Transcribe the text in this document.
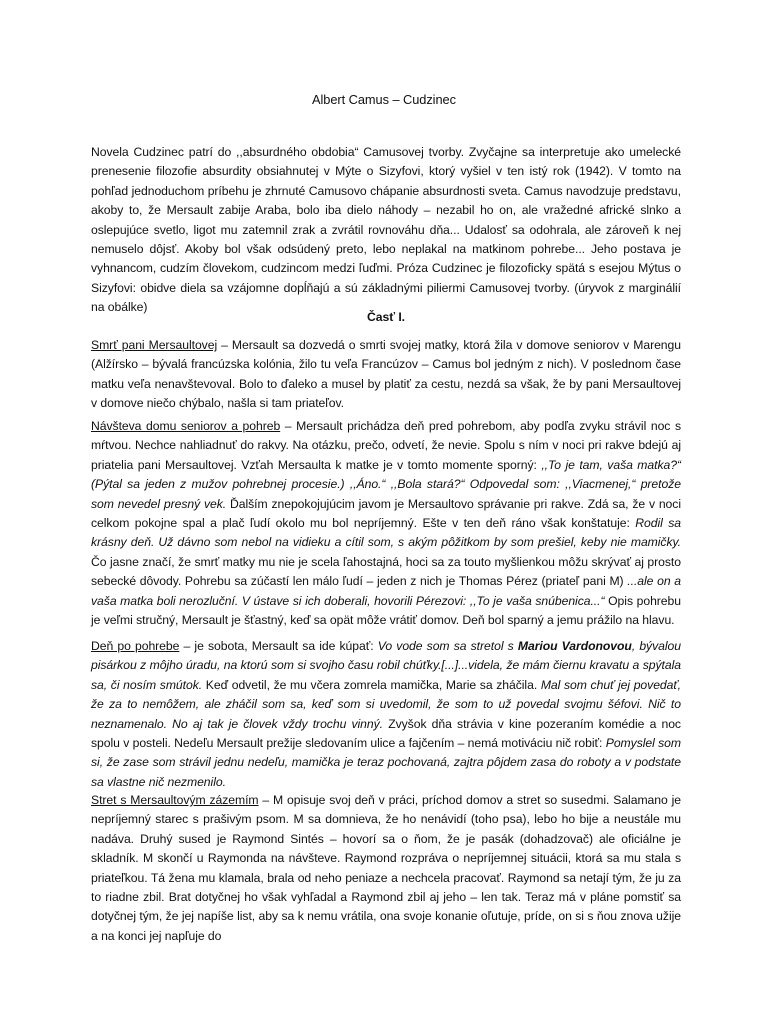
Albert Camus – Cudzinec

Novela Cudzinec patrí do ,,absurdného obdobia“ Camusovej tvorby. Zvyčajne sa interpretuje ako umelecké prenesenie filozofie absurdity obsiahnutej v Mýte o Sizyfovi, ktorý vyšiel v ten istý rok (1942). V tomto na pohľad jednoduchom príbehu je zhrnuté Camusovo chápanie absurdnosti sveta. Camus navodzuje predstavu, akoby to, že Mersault zabije Araba, bolo iba dielo náhody – nezabil ho on, ale vražedné africké slnko a oslepujúce svetlo, ligot mu zatemnil zrak a zvrátil rovnováhu dňa... Udalosť sa odohrala, ale zároveň k nej nemuselo dôjsť. Akoby bol však odsúdený preto, lebo neplakal na matkinom pohrebe... Jeho postava je vyhnancom, cudzím človekom, cudzincom medzi ľuďmi. Próza Cudzinec je filozoficky spätá s esejou Mýtus o Sizyfovi: obidve diela sa vzájomne dopĺňajú a sú základnými piliermi Camusovej tvorby. (úryvok z marginálií na obálke)

Časť I.

Smrť pani Mersaultovej – Mersault sa dozvedá o smrti svojej matky, ktorá žila v domove seniorov v Marengu (Alžírsko – bývalá francúzska kolónia, žilo tu veľa Francúzov – Camus bol jedným z nich). V poslednom čase matku veľa nenavštevoval. Bolo to ďaleko a musel by platiť za cestu, nezdá sa však, že by pani Mersaultovej v domove niečo chýbalo, našla si tam priateľov.

Návšteva domu seniorov a pohreb – Mersault prichádza deň pred pohrebom, aby podľa zvyku strávil noc s mŕtvou. Nechce nahliadnuť do rakvy. Na otázku, prečo, odvetí, že nevie. Spolu s ním v noci pri rakve bdejú aj priatelia pani Mersaultovej. Vzťah Mersaulta k matke je v tomto momente sporný: ,,To je tam, vaša matka?“ (Pýtal sa jeden z mužov pohrebnej procesie.) ,,Áno.“ ,,Bola stará?“ Odpovedal som: ,,Viacmenej,“ pretože som nevedel presný vek. Ďalším znepokojujúcim javom je Mersaultovo správanie pri rakve. Zdá sa, že v noci celkom pokojne spal a plač ľudí okolo mu bol nepríjemný. Ešte v ten deň ráno však konštatuje: Rodil sa krásny deň. Už dávno som nebol na vidieku a cítil som, s akým pôžitkom by som prešiel, keby nie mamičky. Čo jasne značí, že smrť matky mu nie je scela ľahostajná, hoci sa za touto myšlienkou môžu skrývať aj prosto sebecké dôvody. Pohrebu sa zúčastí len málo ľudí – jeden z nich je Thomas Pérez (priateľ pani M) ...ale on a vaša matka boli nerozluční. V ústave si ich doberali, hovorili Pérezovi: ,,To je vaša snúbenica...“ Opis pohrebu je veľmi stručný, Mersault je šťastný, keď sa opät môže vrátiť domov. Deň bol sparný a jemu prážilo na hlavu.

Deň po pohrebe – je sobota, Mersault sa ide kúpať: Vo vode som sa stretol s Mariou Vardonovou, bývalou pisárkou z môjho úradu, na ktorú som si svojho času robil chúťky.[...]...videla, že mám čiernu kravatu a spýtala sa, či nosím smútok. Keď odvetil, že mu včera zomrela mamička, Marie sa zháčila. Mal som chuť jej povedať, že za to nemôžem, ale zháčil som sa, keď som si uvedomil, že som to už povedal svojmu šéfovi. Nič to neznamenalo. No aj tak je človek vždy trochu vinný. Zvyšok dňa strávia v kine pozeraním komédie a noc spolu v posteli. Nedeľu Mersault prežije sledovaním ulice a fajčením – nemá motiváciu nič robiť: Pomyslel som si, že zase som strávil jednu nedeľu, mamička je teraz pochovaná, zajtra pôjdem zasa do roboty a v podstate sa vlastne nič nezmenilo.

Stret s Mersaultovým zázemím – M opisuje svoj deň v práci, príchod domov a stret so susedmi. Salamano je nepríjemný starec s prašivým psom. M sa domnieva, že ho nenávidí (toho psa), lebo ho bije a neustále mu nadáva. Druhý sused je Raymond Sintés – hovorí sa o ňom, že je pasák (dohadzovač) ale oficiálne je skladník. M skončí u Raymonda na návšteve. Raymond rozpráva o nepríjemnej situácii, ktorá sa mu stala s priateľkou. Tá žena mu klamala, brala od neho peniaze a nechcela pracovať. Raymond sa netají tým, že ju za to riadne zbil. Brat dotyčnej ho však vyhľadal a Raymond zbil aj jeho – len tak. Teraz má v pláne pomstiť sa dotyčnej tým, že jej napíše list, aby sa k nemu vrátila, ona svoje konanie oľutuje, príde, on si s ňou znova užije a na konci jej napľuje do
